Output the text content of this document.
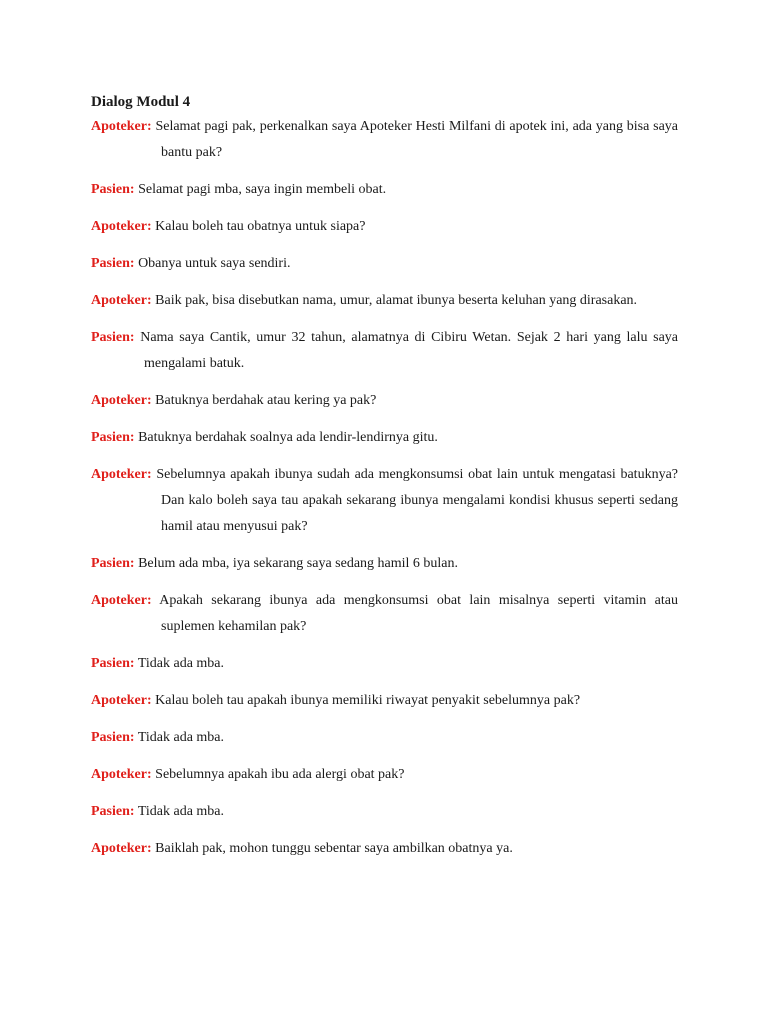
Dialog Modul 4

Apoteker: Selamat pagi pak, perkenalkan saya Apoteker Hesti Milfani di apotek ini, ada yang bisa saya bantu pak?

Pasien: Selamat pagi mba, saya ingin membeli obat.

Apoteker: Kalau boleh tau obatnya untuk siapa?

Pasien: Obanya untuk saya sendiri.

Apoteker: Baik pak, bisa disebutkan nama, umur, alamat ibunya beserta keluhan yang dirasakan.

Pasien: Nama saya Cantik, umur 32 tahun, alamatnya di Cibiru Wetan. Sejak 2 hari yang lalu saya mengalami batuk.

Apoteker: Batuknya berdahak atau kering ya pak?

Pasien: Batuknya berdahak soalnya ada lendir-lendirnya gitu.

Apoteker: Sebelumnya apakah ibunya sudah ada mengkonsumsi obat lain untuk mengatasi batuknya? Dan kalo boleh saya tau apakah sekarang ibunya mengalami kondisi khusus seperti sedang hamil atau menyusui pak?

Pasien: Belum ada mba, iya sekarang saya sedang hamil 6 bulan.

Apoteker: Apakah sekarang ibunya ada mengkonsumsi obat lain misalnya seperti vitamin atau suplemen kehamilan pak?

Pasien: Tidak ada mba.

Apoteker: Kalau boleh tau apakah ibunya memiliki riwayat penyakit sebelumnya pak?

Pasien: Tidak ada mba.

Apoteker: Sebelumnya apakah ibu ada alergi obat pak?

Pasien: Tidak ada mba.

Apoteker: Baiklah pak, mohon tunggu sebentar saya ambilkan obatnya ya.
